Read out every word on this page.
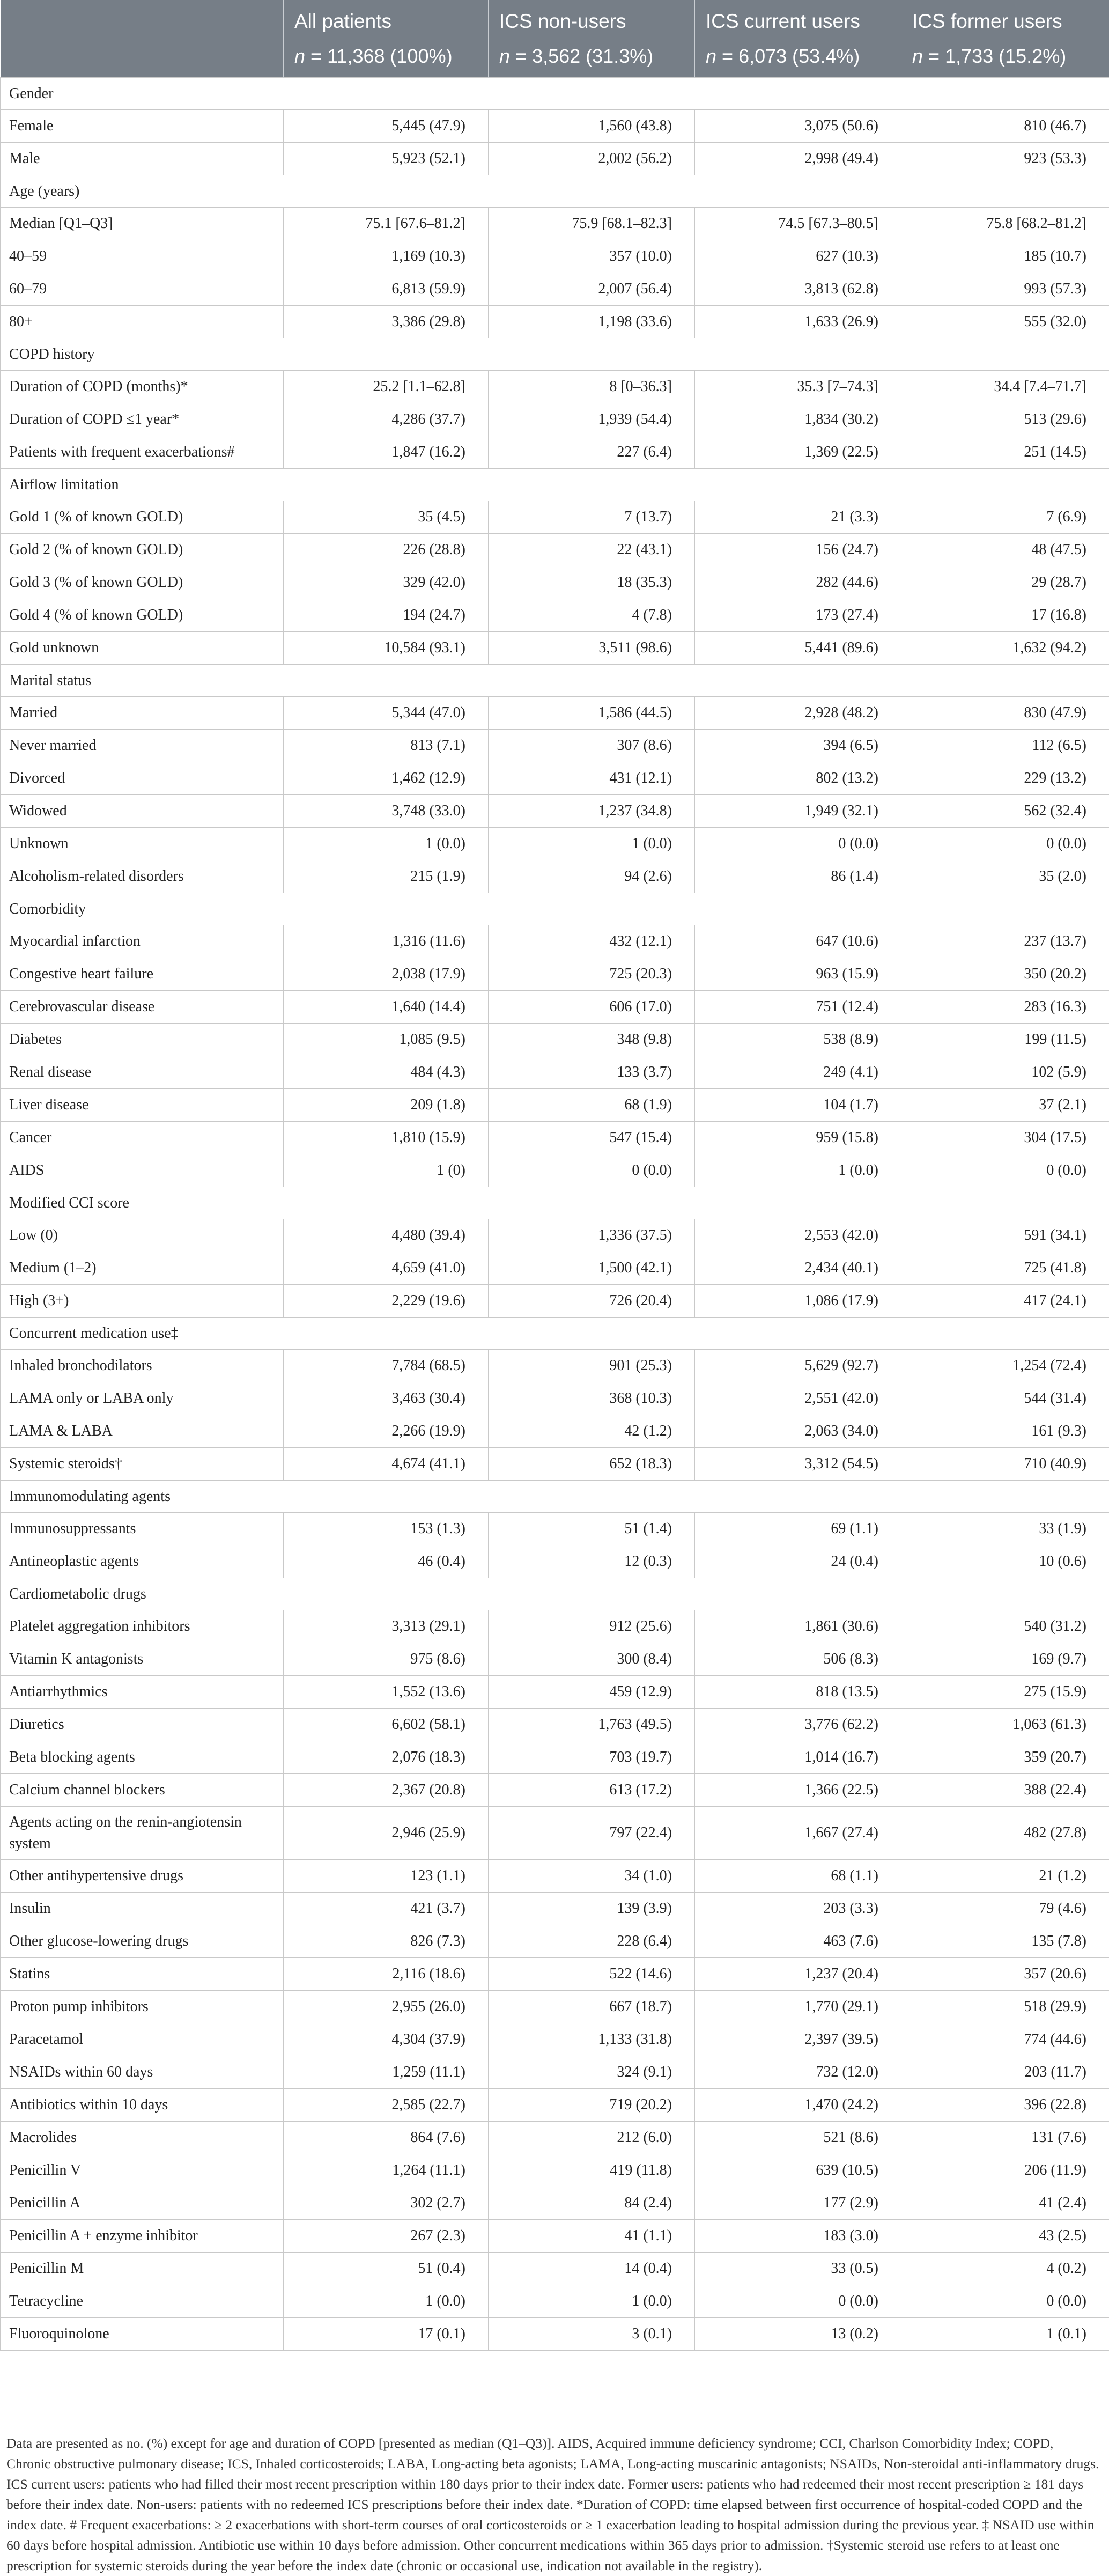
	All patients	ICS non-users	ICS current users	ICS former users
	n = 11,368 (100%)	n = 3,562 (31.3%)	n = 6,073 (53.4%)	n = 1,733 (15.2%)
Gender				
Female	5,445 (47.9)	1,560 (43.8)	3,075 (50.6)	810 (46.7)
Male	5,923 (52.1)	2,002 (56.2)	2,998 (49.4)	923 (53.3)
Age (years)				
Median [Q1–Q3]	75.1 [67.6–81.2]	75.9 [68.1–82.3]	74.5 [67.3–80.5]	75.8 [68.2–81.2]
40–59	1,169 (10.3)	357 (10.0)	627 (10.3)	185 (10.7)
60–79	6,813 (59.9)	2,007 (56.4)	3,813 (62.8)	993 (57.3)
80+	3,386 (29.8)	1,198 (33.6)	1,633 (26.9)	555 (32.0)
COPD history				
Duration of COPD (months)*	25.2 [1.1–62.8]	8 [0–36.3]	35.3 [7–74.3]	34.4 [7.4–71.7]
Duration of COPD ≤1 year*	4,286 (37.7)	1,939 (54.4)	1,834 (30.2)	513 (29.6)
Patients with frequent exacerbations#	1,847 (16.2)	227 (6.4)	1,369 (22.5)	251 (14.5)
Airflow limitation				
Gold 1 (% of known GOLD)	35 (4.5)	7 (13.7)	21 (3.3)	7 (6.9)
Gold 2 (% of known GOLD)	226 (28.8)	22 (43.1)	156 (24.7)	48 (47.5)
Gold 3 (% of known GOLD)	329 (42.0)	18 (35.3)	282 (44.6)	29 (28.7)
Gold 4 (% of known GOLD)	194 (24.7)	4 (7.8)	173 (27.4)	17 (16.8)
Gold unknown	10,584 (93.1)	3,511 (98.6)	5,441 (89.6)	1,632 (94.2)
Marital status				
Married	5,344 (47.0)	1,586 (44.5)	2,928 (48.2)	830 (47.9)
Never married	813 (7.1)	307 (8.6)	394 (6.5)	112 (6.5)
Divorced	1,462 (12.9)	431 (12.1)	802 (13.2)	229 (13.2)
Widowed	3,748 (33.0)	1,237 (34.8)	1,949 (32.1)	562 (32.4)
Unknown	1 (0.0)	1 (0.0)	0 (0.0)	0 (0.0)
Alcoholism-related disorders	215 (1.9)	94 (2.6)	86 (1.4)	35 (2.0)
Comorbidity				
Myocardial infarction	1,316 (11.6)	432 (12.1)	647 (10.6)	237 (13.7)
Congestive heart failure	2,038 (17.9)	725 (20.3)	963 (15.9)	350 (20.2)
Cerebrovascular disease	1,640 (14.4)	606 (17.0)	751 (12.4)	283 (16.3)
Diabetes	1,085 (9.5)	348 (9.8)	538 (8.9)	199 (11.5)
Renal disease	484 (4.3)	133 (3.7)	249 (4.1)	102 (5.9)
Liver disease	209 (1.8)	68 (1.9)	104 (1.7)	37 (2.1)
Cancer	1,810 (15.9)	547 (15.4)	959 (15.8)	304 (17.5)
AIDS	1 (0)	0 (0.0)	1 (0.0)	0 (0.0)
Modified CCI score				
Low (0)	4,480 (39.4)	1,336 (37.5)	2,553 (42.0)	591 (34.1)
Medium (1–2)	4,659 (41.0)	1,500 (42.1)	2,434 (40.1)	725 (41.8)
High (3+)	2,229 (19.6)	726 (20.4)	1,086 (17.9)	417 (24.1)
Concurrent medication use‡				
Inhaled bronchodilators	7,784 (68.5)	901 (25.3)	5,629 (92.7)	1,254 (72.4)
LAMA only or LABA only	3,463 (30.4)	368 (10.3)	2,551 (42.0)	544 (31.4)
LAMA & LABA	2,266 (19.9)	42 (1.2)	2,063 (34.0)	161 (9.3)
Systemic steroids†	4,674 (41.1)	652 (18.3)	3,312 (54.5)	710 (40.9)
Immunomodulating agents				
Immunosuppressants	153 (1.3)	51 (1.4)	69 (1.1)	33 (1.9)
Antineoplastic agents	46 (0.4)	12 (0.3)	24 (0.4)	10 (0.6)
Cardiometabolic drugs				
Platelet aggregation inhibitors	3,313 (29.1)	912 (25.6)	1,861 (30.6)	540 (31.2)
Vitamin K antagonists	975 (8.6)	300 (8.4)	506 (8.3)	169 (9.7)
Antiarrhythmics	1,552 (13.6)	459 (12.9)	818 (13.5)	275 (15.9)
Diuretics	6,602 (58.1)	1,763 (49.5)	3,776 (62.2)	1,063 (61.3)
Beta blocking agents	2,076 (18.3)	703 (19.7)	1,014 (16.7)	359 (20.7)
Calcium channel blockers	2,367 (20.8)	613 (17.2)	1,366 (22.5)	388 (22.4)
Agents acting on the renin-angiotensin system	2,946 (25.9)	797 (22.4)	1,667 (27.4)	482 (27.8)
Other antihypertensive drugs	123 (1.1)	34 (1.0)	68 (1.1)	21 (1.2)
Insulin	421 (3.7)	139 (3.9)	203 (3.3)	79 (4.6)
Other glucose-lowering drugs	826 (7.3)	228 (6.4)	463 (7.6)	135 (7.8)
Statins	2,116 (18.6)	522 (14.6)	1,237 (20.4)	357 (20.6)
Proton pump inhibitors	2,955 (26.0)	667 (18.7)	1,770 (29.1)	518 (29.9)
Paracetamol	4,304 (37.9)	1,133 (31.8)	2,397 (39.5)	774 (44.6)
NSAIDs within 60 days	1,259 (11.1)	324 (9.1)	732 (12.0)	203 (11.7)
Antibiotics within 10 days	2,585 (22.7)	719 (20.2)	1,470 (24.2)	396 (22.8)
Macrolides	864 (7.6)	212 (6.0)	521 (8.6)	131 (7.6)
Penicillin V	1,264 (11.1)	419 (11.8)	639 (10.5)	206 (11.9)
Penicillin A	302 (2.7)	84 (2.4)	177 (2.9)	41 (2.4)
Penicillin A + enzyme inhibitor	267 (2.3)	41 (1.1)	183 (3.0)	43 (2.5)
Penicillin M	51 (0.4)	14 (0.4)	33 (0.5)	4 (0.2)
Tetracycline	1 (0.0)	1 (0.0)	0 (0.0)	0 (0.0)
Fluoroquinolone	17 (0.1)	3 (0.1)	13 (0.2)	1 (0.1)
Data are presented as no. (%) except for age and duration of COPD [presented as median (Q1–Q3)]. AIDS, Acquired immune deficiency syndrome; CCI, Charlson Comorbidity Index; COPD, Chronic obstructive pulmonary disease; ICS, Inhaled corticosteroids; LABA, Long-acting beta agonists; LAMA, Long-acting muscarinic antagonists; NSAIDs, Non-steroidal anti-inflammatory drugs. ICS current users: patients who had filled their most recent prescription within 180 days prior to their index date. Former users: patients who had redeemed their most recent prescription ≥ 181 days before their index date. Non-users: patients with no redeemed ICS prescriptions before their index date. *Duration of COPD: time elapsed between first occurrence of hospital-coded COPD and the index date. # Frequent exacerbations: ≥ 2 exacerbations with short-term courses of oral corticosteroids or ≥ 1 exacerbation leading to hospital admission during the previous year. ‡ NSAID use within 60 days before hospital admission. Antibiotic use within 10 days before admission. Other concurrent medications within 365 days prior to admission. †Systemic steroid use refers to at least one prescription for systemic steroids during the year before the index date (chronic or occasional use, indication not available in the registry).
